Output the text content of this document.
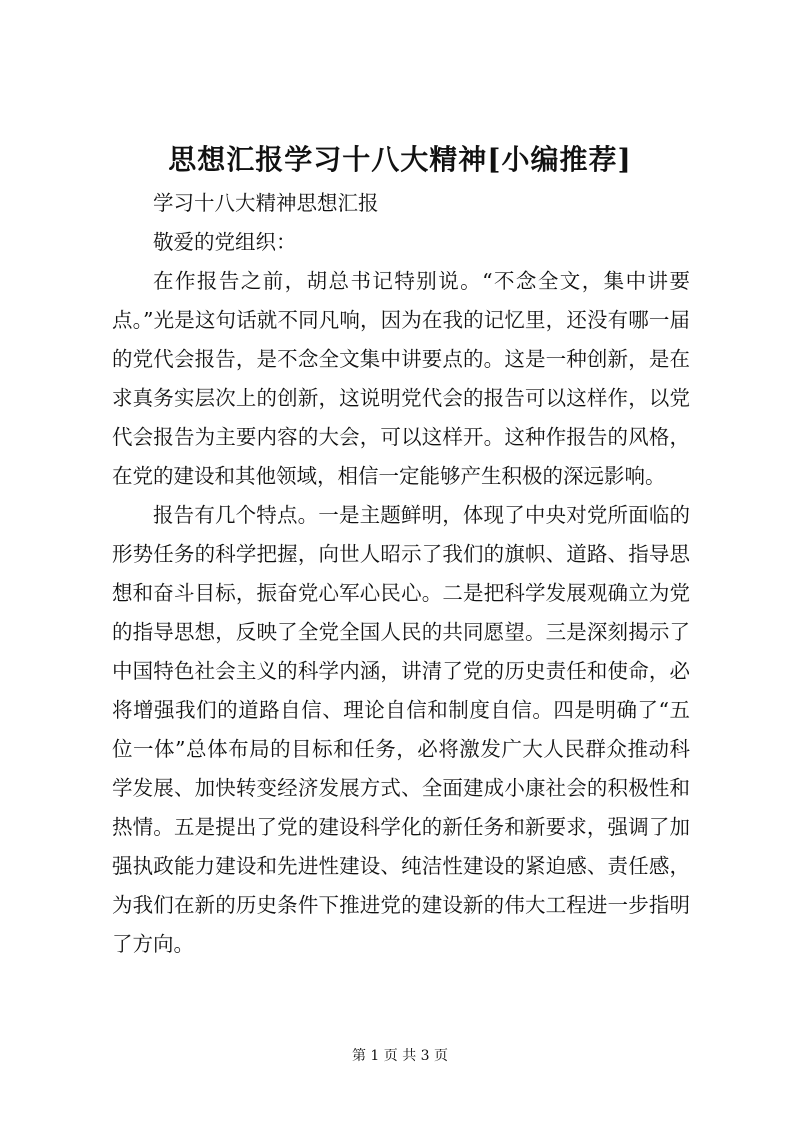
思想汇报学习十八大精神[小编推荐]

学习十八大精神思想汇报

敬爱的党组织：

在作报告之前，胡总书记特别说。“不念全文，集中讲要点。”光是这句话就不同凡响，因为在我的记忆里，还没有哪一届的党代会报告，是不念全文集中讲要点的。这是一种创新，是在求真务实层次上的创新，这说明党代会的报告可以这样作，以党代会报告为主要内容的大会，可以这样开。这种作报告的风格，在党的建设和其他领域，相信一定能够产生积极的深远影响。

报告有几个特点。一是主题鲜明，体现了中央对党所面临的形势任务的科学把握，向世人昭示了我们的旗帜、道路、指导思想和奋斗目标，振奋党心军心民心。二是把科学发展观确立为党的指导思想，反映了全党全国人民的共同愿望。三是深刻揭示了中国特色社会主义的科学内涵，讲清了党的历史责任和使命，必将增强我们的道路自信、理论自信和制度自信。四是明确了“五位一体”总体布局的目标和任务，必将激发广大人民群众推动科学发展、加快转变经济发展方式、全面建成小康社会的积极性和热情。五是提出了党的建设科学化的新任务和新要求，强调了加强执政能力建设和先进性建设、纯洁性建设的紧迫感、责任感，为我们在新的历史条件下推进党的建设新的伟大工程进一步指明了方向。

第 1 页 共 3 页
